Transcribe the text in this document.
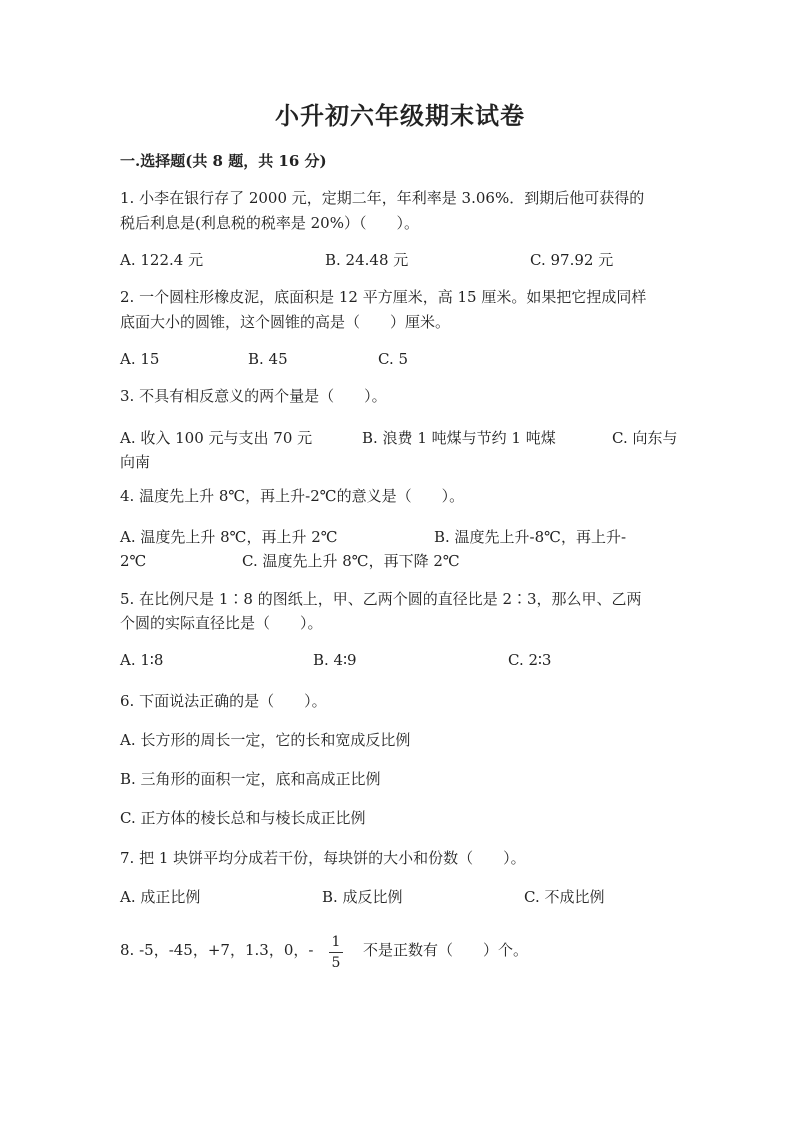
小升初六年级期末试卷
一.选择题(共 8 题，共 16 分)
1. 小李在银行存了 2000 元，定期二年，年利率是 3.06%．到期后他可获得的
税后利息是(利息税的税率是 20%）（　　）。
A. 122.4 元	B. 24.48 元	C. 97.92 元
2. 一个圆柱形橡皮泥，底面积是 12 平方厘米，高 15 厘米。如果把它捏成同样
底面大小的圆锥，这个圆锥的高是（　　）厘米。
A. 15	B. 45	C. 5
3. 不具有相反意义的两个量是（　　）。
A. 收入 100 元与支出 70 元	B. 浪费 1 吨煤与节约 1 吨煤	C. 向东与
向南
4. 温度先上升 8℃，再上升-2℃的意义是（　　）。
A. 温度先上升 8℃，再上升 2℃	B. 温度先上升-8℃，再上升-
2℃	C. 温度先上升 8℃，再下降 2℃
5. 在比例尺是 1∶8 的图纸上，甲、乙两个圆的直径比是 2∶3，那么甲、乙两
个圆的实际直径比是（　　）。
A. 1∶8	B. 4∶9	C. 2∶3
6. 下面说法正确的是（　　）。
A. 长方形的周长一定，它的长和宽成反比例
B. 三角形的面积一定，底和高成正比例
C. 正方体的棱长总和与棱长成正比例
7. 把 1 块饼平均分成若干份，每块饼的大小和份数（　　）。
A. 成正比例	B. 成反比例	C. 不成比例
8. -5，-45，+7，1.3，0，-	1
5
不是正数有（　　）个。
